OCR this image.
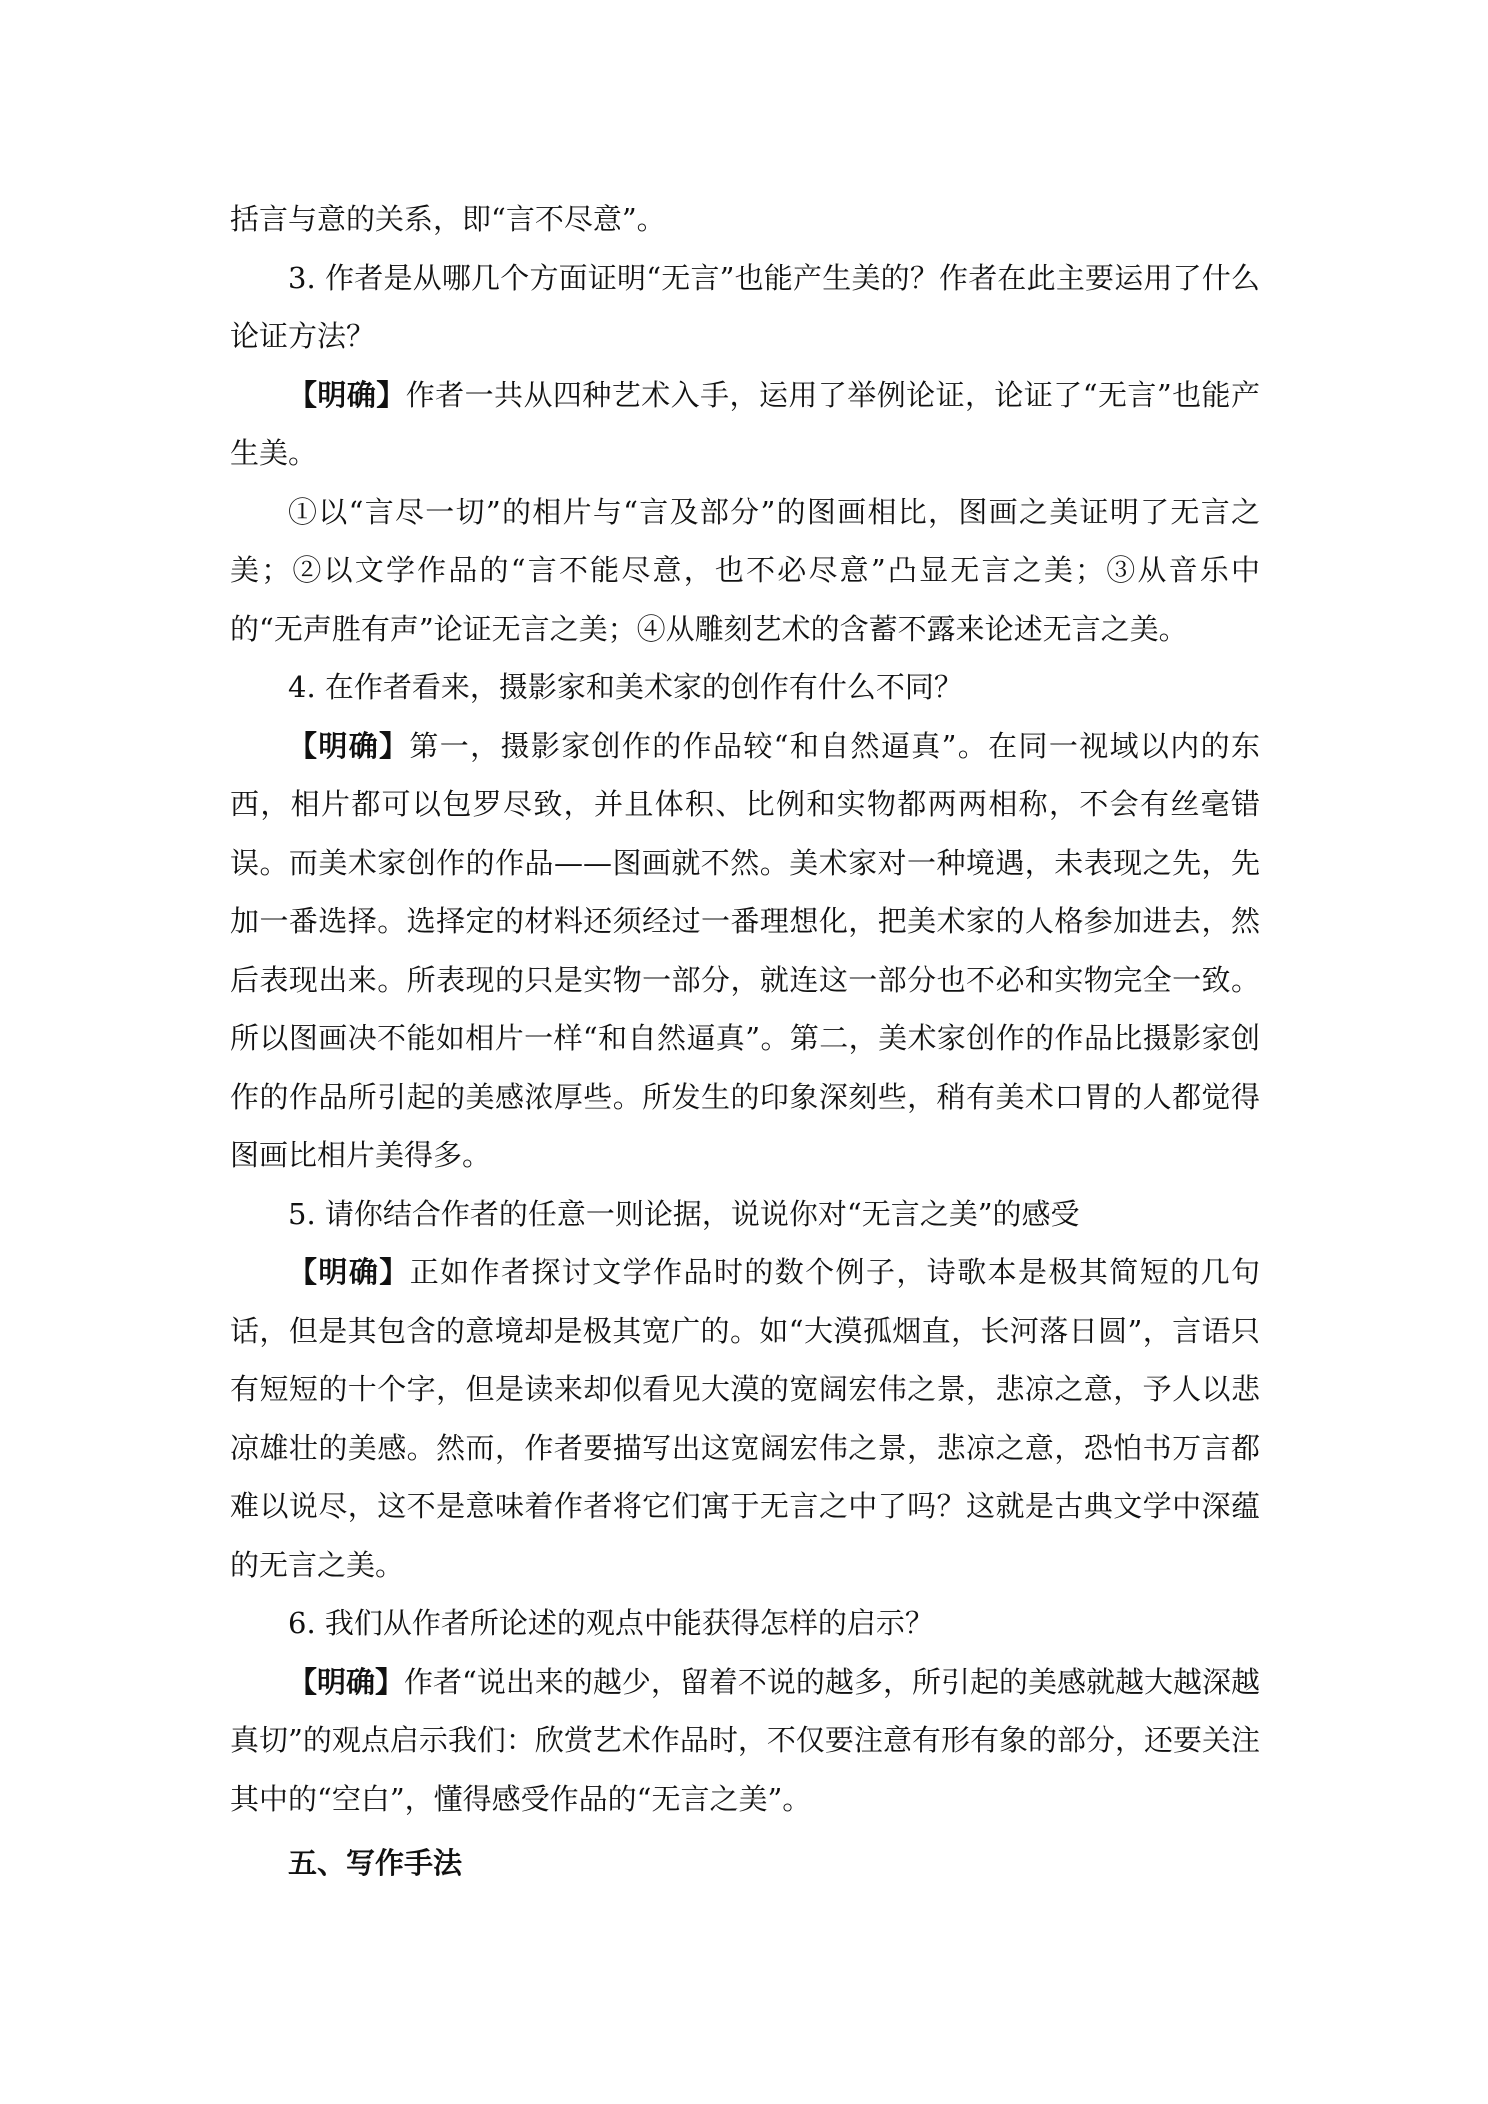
括言与意的关系，即“言不尽意”。

3. 作者是从哪几个方面证明“无言”也能产生美的？作者在此主要运用了什么论证方法？

【明确】作者一共从四种艺术入手，运用了举例论证，论证了“无言”也能产生美。

①以“言尽一切”的相片与“言及部分”的图画相比，图画之美证明了无言之美；②以文学作品的“言不能尽意，也不必尽意”凸显无言之美；③从音乐中的“无声胜有声”论证无言之美；④从雕刻艺术的含蓄不露来论述无言之美。

4. 在作者看来，摄影家和美术家的创作有什么不同？

【明确】第一，摄影家创作的作品较“和自然逼真”。在同一视域以内的东西，相片都可以包罗尽致，并且体积、比例和实物都两两相称，不会有丝毫错误。而美术家创作的作品——图画就不然。美术家对一种境遇，未表现之先，先加一番选择。选择定的材料还须经过一番理想化，把美术家的人格参加进去，然后表现出来。所表现的只是实物一部分，就连这一部分也不必和实物完全一致。所以图画决不能如相片一样“和自然逼真”。第二，美术家创作的作品比摄影家创作的作品所引起的美感浓厚些。所发生的印象深刻些，稍有美术口胃的人都觉得图画比相片美得多。

5. 请你结合作者的任意一则论据，说说你对“无言之美”的感受

【明确】正如作者探讨文学作品时的数个例子，诗歌本是极其简短的几句话，但是其包含的意境却是极其宽广的。如“大漠孤烟直，长河落日圆”，言语只有短短的十个字，但是读来却似看见大漠的宽阔宏伟之景，悲凉之意，予人以悲凉雄壮的美感。然而，作者要描写出这宽阔宏伟之景，悲凉之意，恐怕书万言都难以说尽，这不是意味着作者将它们寓于无言之中了吗？这就是古典文学中深蕴的无言之美。

6. 我们从作者所论述的观点中能获得怎样的启示？

【明确】作者“说出来的越少，留着不说的越多，所引起的美感就越大越深越真切”的观点启示我们：欣赏艺术作品时，不仅要注意有形有象的部分，还要关注其中的“空白”，懂得感受作品的“无言之美”。

五、写作手法
